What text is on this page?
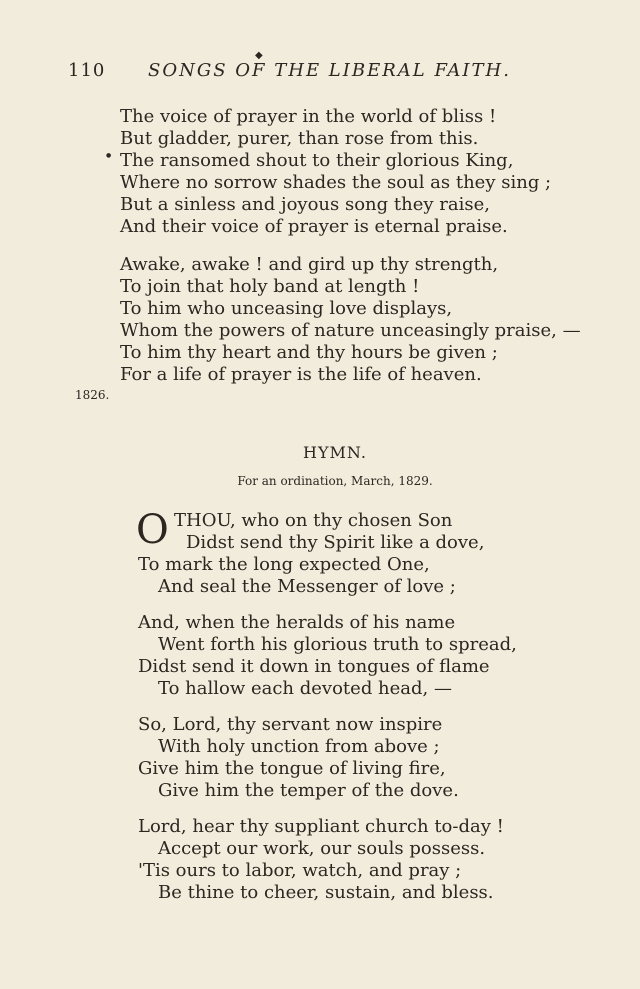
110 SONGS OF THE LIBERAL FAITH.
◆
The voice of prayer in the world of bliss !
But gladder, purer, than rose from this.
The ransomed shout to their glorious King,
Where no sorrow shades the soul as they sing ;
But a sinless and joyous song they raise,
And their voice of prayer is eternal praise.
●
Awake, awake ! and gird up thy strength,
To join that holy band at length !
To him who unceasing love displays,
Whom the powers of nature unceasingly praise, —
To him thy heart and thy hours be given ;
For a life of prayer is the life of heaven.
1826.
HYMN.
For an ordination, March, 1829.
O THOU, who on thy chosen Son
Didst send thy Spirit like a dove,
To mark the long expected One,
And seal the Messenger of love ;
And, when the heralds of his name
Went forth his glorious truth to spread,
Didst send it down in tongues of flame
To hallow each devoted head, —
So, Lord, thy servant now inspire
With holy unction from above ;
Give him the tongue of living fire,
Give him the temper of the dove.
Lord, hear thy suppliant church to-day !
Accept our work, our souls possess.
'Tis ours to labor, watch, and pray ;
Be thine to cheer, sustain, and bless.
